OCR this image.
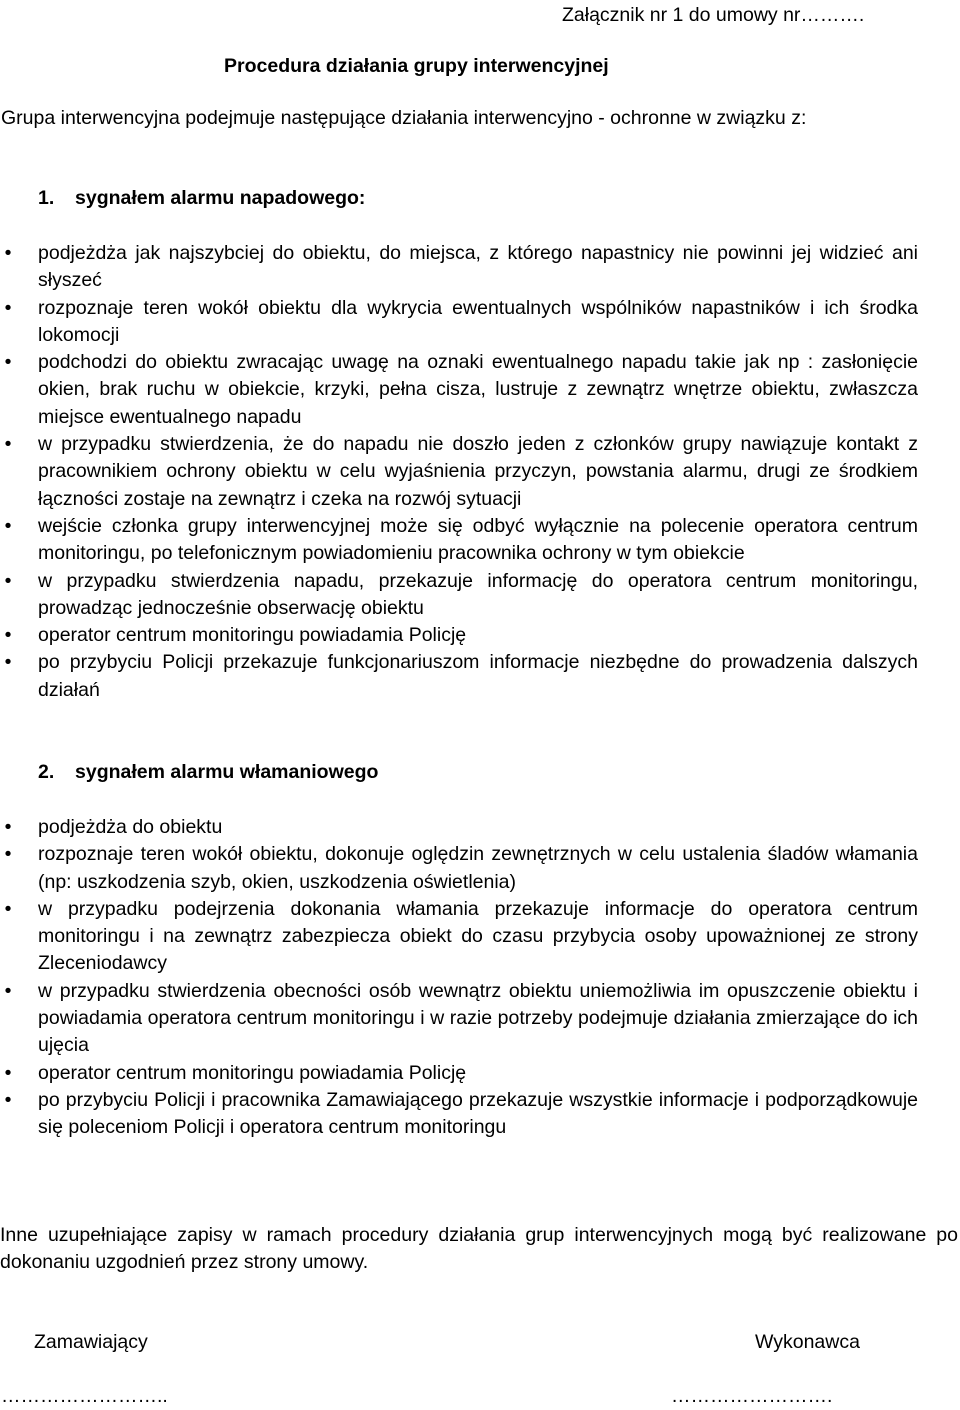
Załącznik nr 1 do umowy nr……….
Procedura działania grupy interwencyjnej
Grupa interwencyjna podejmuje następujące działania interwencyjno - ochronne w związku z:
1. sygnałem alarmu napadowego:
• podjeżdża jak najszybciej do obiektu, do miejsca, z którego napastnicy nie powinni jej widzieć ani słyszeć
• rozpoznaje teren wokół obiektu dla wykrycia ewentualnych wspólników napastników i ich środka lokomocji
• podchodzi do obiektu zwracając uwagę na oznaki ewentualnego napadu takie jak np : zasłonięcie okien, brak ruchu w obiekcie, krzyki, pełna cisza, lustruje z zewnątrz wnętrze obiektu, zwłaszcza miejsce ewentualnego napadu
• w przypadku stwierdzenia, że do napadu nie doszło jeden z członków grupy nawiązuje kontakt z pracownikiem ochrony obiektu w celu wyjaśnienia przyczyn, powstania alarmu, drugi ze środkiem łączności zostaje na zewnątrz i czeka na rozwój sytuacji
• wejście członka grupy interwencyjnej może się odbyć wyłącznie na polecenie operatora centrum monitoringu, po telefonicznym powiadomieniu pracownika ochrony w tym obiekcie
• w przypadku stwierdzenia napadu, przekazuje informację do operatora centrum monitoringu, prowadząc jednocześnie obserwację obiektu
• operator centrum monitoringu powiadamia Policję
• po przybyciu Policji przekazuje funkcjonariuszom informacje niezbędne do prowadzenia dalszych działań
2. sygnałem alarmu włamaniowego
• podjeżdża do obiektu
• rozpoznaje teren wokół obiektu, dokonuje oględzin zewnętrznych w celu ustalenia śladów włamania (np: uszkodzenia szyb, okien, uszkodzenia oświetlenia)
• w przypadku podejrzenia dokonania włamania przekazuje informacje do operatora centrum monitoringu i na zewnątrz zabezpiecza obiekt do czasu przybycia osoby upoważnionej ze strony Zleceniodawcy
• w przypadku stwierdzenia obecności osób wewnątrz obiektu uniemożliwia im opuszczenie obiektu i powiadamia operatora centrum monitoringu i w razie potrzeby podejmuje działania zmierzające do ich ujęcia
• operator centrum monitoringu powiadamia Policję
• po przybyciu Policji i pracownika Zamawiającego przekazuje wszystkie informacje i podporządkowuje się poleceniom Policji i operatora centrum monitoringu
Inne uzupełniające zapisy w ramach procedury działania grup interwencyjnych mogą być realizowane po dokonaniu uzgodnień przez strony umowy.
Zamawiający	Wykonawca
……………………..	…………………….
